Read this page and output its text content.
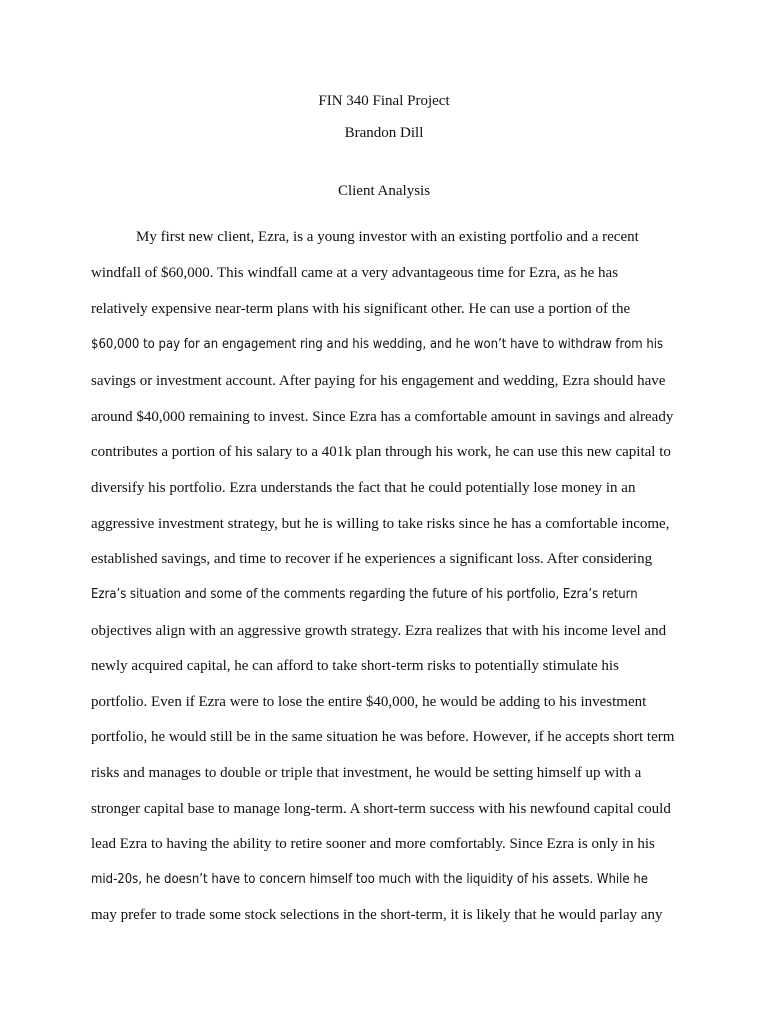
FIN 340 Final Project
Brandon Dill
Client Analysis
My first new client, Ezra, is a young investor with an existing portfolio and a recent
windfall of $60,000. This windfall came at a very advantageous time for Ezra, as he has
relatively expensive near-term plans with his significant other. He can use a portion of the
$60,000 to pay for an engagement ring and his wedding, and he won’t have to withdraw from his
savings or investment account. After paying for his engagement and wedding, Ezra should have
around $40,000 remaining to invest. Since Ezra has a comfortable amount in savings and already
contributes a portion of his salary to a 401k plan through his work, he can use this new capital to
diversify his portfolio. Ezra understands the fact that he could potentially lose money in an
aggressive investment strategy, but he is willing to take risks since he has a comfortable income,
established savings, and time to recover if he experiences a significant loss. After considering
Ezra’s situation and some of the comments regarding the future of his portfolio, Ezra’s return
objectives align with an aggressive growth strategy. Ezra realizes that with his income level and
newly acquired capital, he can afford to take short-term risks to potentially stimulate his
portfolio. Even if Ezra were to lose the entire $40,000, he would be adding to his investment
portfolio, he would still be in the same situation he was before. However, if he accepts short term
risks and manages to double or triple that investment, he would be setting himself up with a
stronger capital base to manage long-term. A short-term success with his newfound capital could
lead Ezra to having the ability to retire sooner and more comfortably. Since Ezra is only in his
mid-20s, he doesn’t have to concern himself too much with the liquidity of his assets. While he
may prefer to trade some stock selections in the short-term, it is likely that he would parlay any
